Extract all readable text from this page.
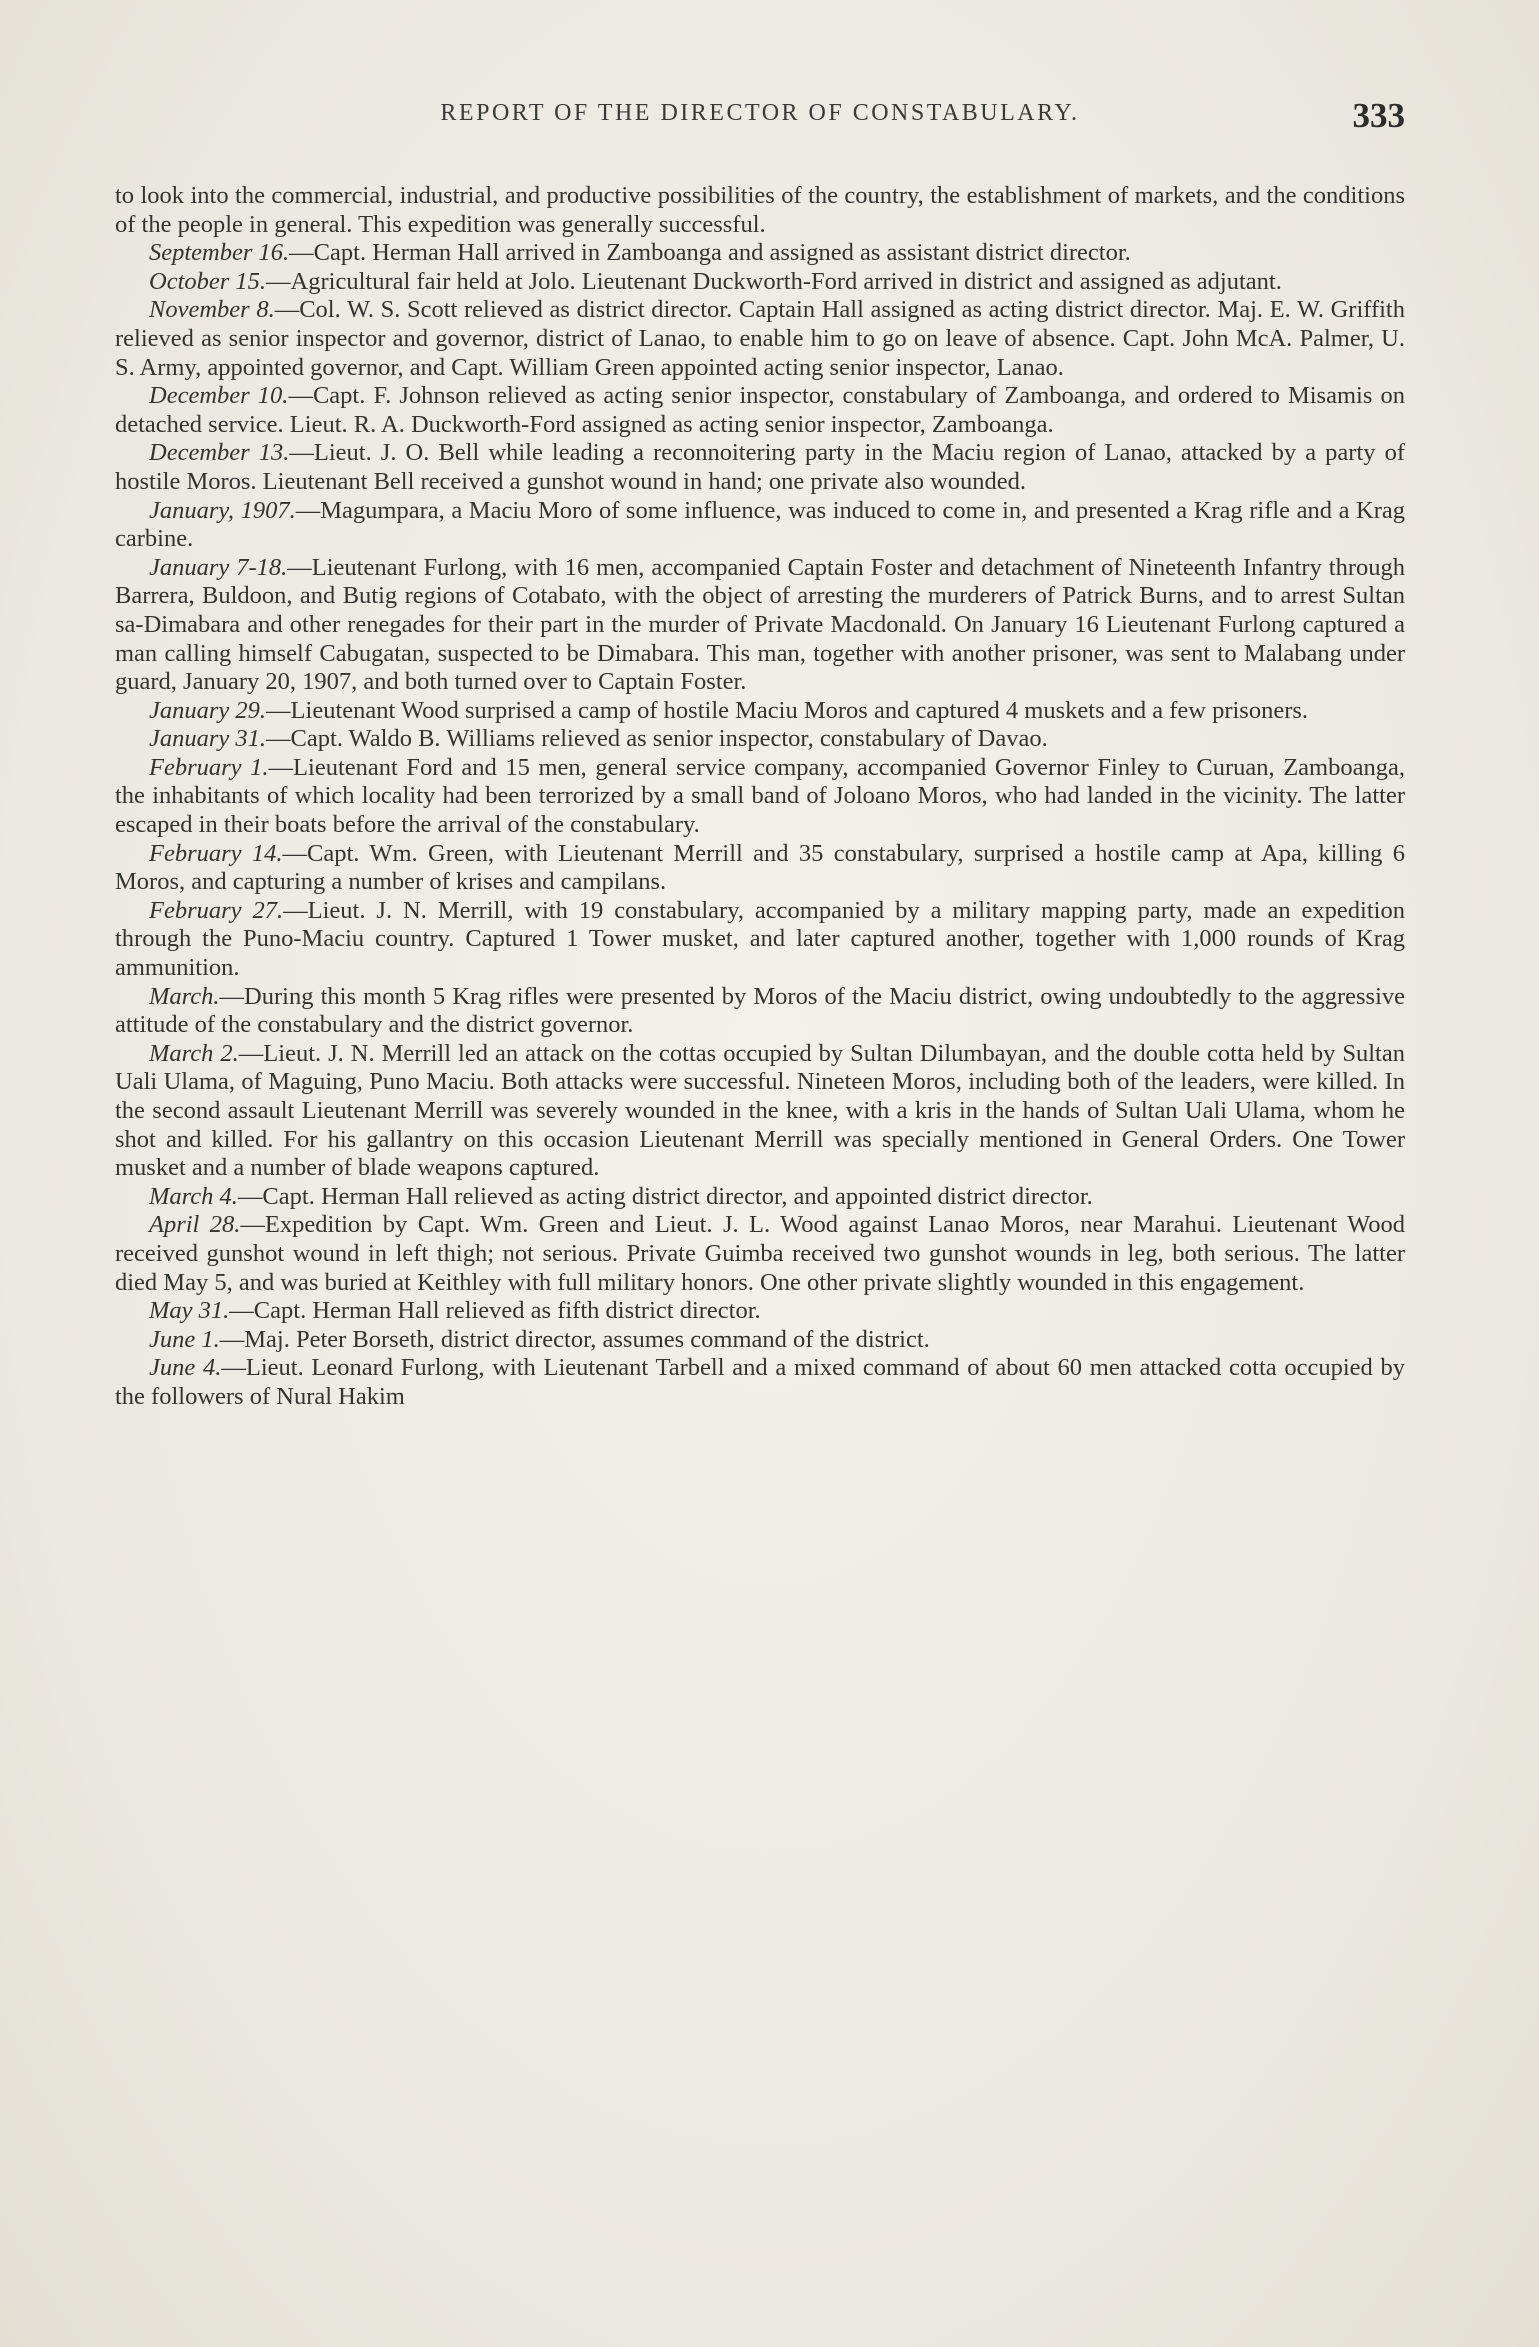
REPORT OF THE DIRECTOR OF CONSTABULARY.	333

to look into the commercial, industrial, and productive possibilities of the country, the establishment of markets, and the conditions of the people in general. This expedition was generally successful.

September 16.—Capt. Herman Hall arrived in Zamboanga and assigned as assistant district director.

October 15.—Agricultural fair held at Jolo. Lieutenant Duckworth-Ford arrived in district and assigned as adjutant.

November 8.—Col. W. S. Scott relieved as district director. Captain Hall assigned as acting district director. Maj. E. W. Griffith relieved as senior inspector and governor, district of Lanao, to enable him to go on leave of absence. Capt. John McA. Palmer, U. S. Army, appointed governor, and Capt. William Green appointed acting senior inspector, Lanao.

December 10.—Capt. F. Johnson relieved as acting senior inspector, constabulary of Zamboanga, and ordered to Misamis on detached service. Lieut. R. A. Duckworth-Ford assigned as acting senior inspector, Zamboanga.

December 13.—Lieut. J. O. Bell while leading a reconnoitering party in the Maciu region of Lanao, attacked by a party of hostile Moros. Lieutenant Bell received a gunshot wound in hand; one private also wounded.

January, 1907.—Magumpara, a Maciu Moro of some influence, was induced to come in, and presented a Krag rifle and a Krag carbine.

January 7-18.—Lieutenant Furlong, with 16 men, accompanied Captain Foster and detachment of Nineteenth Infantry through Barrera, Buldoon, and Butig regions of Cotabato, with the object of arresting the murderers of Patrick Burns, and to arrest Sultan sa-Dimabara and other renegades for their part in the murder of Private Macdonald. On January 16 Lieutenant Furlong captured a man calling himself Cabugatan, suspected to be Dimabara. This man, together with another prisoner, was sent to Malabang under guard, January 20, 1907, and both turned over to Captain Foster.

January 29.—Lieutenant Wood surprised a camp of hostile Maciu Moros and captured 4 muskets and a few prisoners.

January 31.—Capt. Waldo B. Williams relieved as senior inspector, constabulary of Davao.

February 1.—Lieutenant Ford and 15 men, general service company, accompanied Governor Finley to Curuan, Zamboanga, the inhabitants of which locality had been terrorized by a small band of Joloano Moros, who had landed in the vicinity. The latter escaped in their boats before the arrival of the constabulary.

February 14.—Capt. Wm. Green, with Lieutenant Merrill and 35 constabulary, surprised a hostile camp at Apa, killing 6 Moros, and capturing a number of krises and campilans.

February 27.—Lieut. J. N. Merrill, with 19 constabulary, accompanied by a military mapping party, made an expedition through the Puno-Maciu country. Captured 1 Tower musket, and later captured another, together with 1,000 rounds of Krag ammunition.

March.—During this month 5 Krag rifles were presented by Moros of the Maciu district, owing undoubtedly to the aggressive attitude of the constabulary and the district governor.

March 2.—Lieut. J. N. Merrill led an attack on the cottas occupied by Sultan Dilumbayan, and the double cotta held by Sultan Uali Ulama, of Maguing, Puno Maciu. Both attacks were successful. Nineteen Moros, including both of the leaders, were killed. In the second assault Lieutenant Merrill was severely wounded in the knee, with a kris in the hands of Sultan Uali Ulama, whom he shot and killed. For his gallantry on this occasion Lieutenant Merrill was specially mentioned in General Orders. One Tower musket and a number of blade weapons captured.

March 4.—Capt. Herman Hall relieved as acting district director, and appointed district director.

April 28.—Expedition by Capt. Wm. Green and Lieut. J. L. Wood against Lanao Moros, near Marahui. Lieutenant Wood received gunshot wound in left thigh; not serious. Private Guimba received two gunshot wounds in leg, both serious. The latter died May 5, and was buried at Keithley with full military honors. One other private slightly wounded in this engagement.

May 31.—Capt. Herman Hall relieved as fifth district director.

June 1.—Maj. Peter Borseth, district director, assumes command of the district.

June 4.—Lieut. Leonard Furlong, with Lieutenant Tarbell and a mixed command of about 60 men attacked cotta occupied by the followers of Nural Hakim
